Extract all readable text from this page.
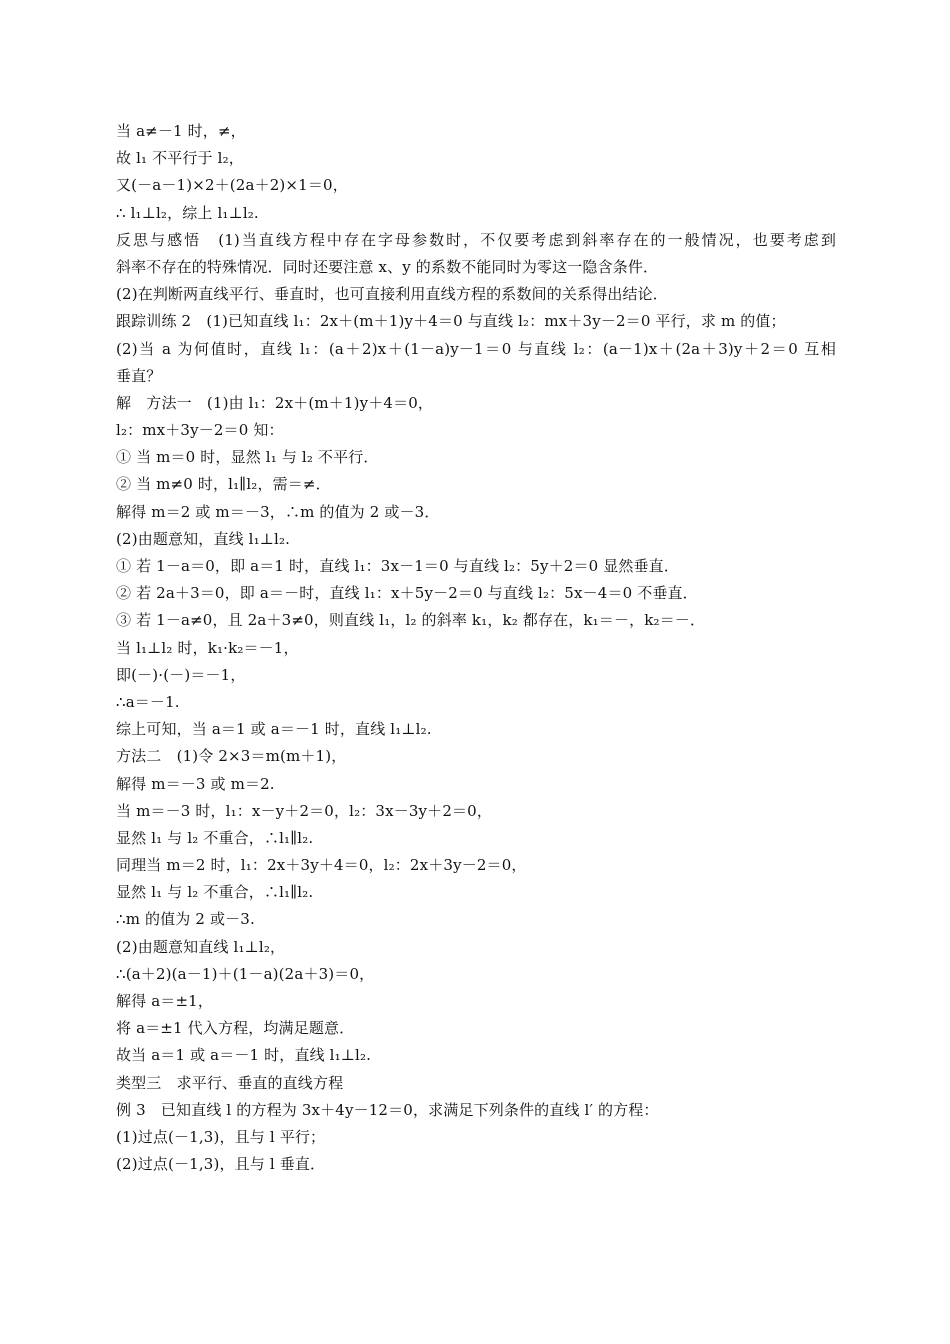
当 a≠－1 时，≠，
故 l₁ 不平行于 l₂，
又(－a－1)×2＋(2a＋2)×1＝0，
∴ l₁⊥l₂，综上 l₁⊥l₂.
反思与感悟　(1)当直线方程中存在字母参数时，不仅要考虑到斜率存在的一般情况，也要考虑到
斜率不存在的特殊情况．同时还要注意 x、y 的系数不能同时为零这一隐含条件．
(2)在判断两直线平行、垂直时，也可直接利用直线方程的系数间的关系得出结论．
跟踪训练 2　(1)已知直线 l₁：2x＋(m＋1)y＋4＝0 与直线 l₂：mx＋3y－2＝0 平行，求 m 的值；
(2)当 a 为何值时，直线 l₁：(a＋2)x＋(1－a)y－1＝0 与直线 l₂：(a－1)x＋(2a＋3)y＋2＝0 互相
垂直？
解　方法一　(1)由 l₁：2x＋(m＋1)y＋4＝0，
l₂：mx＋3y－2＝0 知：
① 当 m＝0 时，显然 l₁ 与 l₂ 不平行．
② 当 m≠0 时，l₁∥l₂，需＝≠．
解得 m＝2 或 m＝－3，∴m 的值为 2 或－3．
(2)由题意知，直线 l₁⊥l₂.
① 若 1－a＝0，即 a＝1 时，直线 l₁：3x－1＝0 与直线 l₂：5y＋2＝0 显然垂直．
② 若 2a＋3＝0，即 a＝－时，直线 l₁：x＋5y－2＝0 与直线 l₂：5x－4＝0 不垂直．
③ 若 1－a≠0，且 2a＋3≠0，则直线 l₁，l₂ 的斜率 k₁，k₂ 都存在，k₁＝－，k₂＝－．
当 l₁⊥l₂ 时，k₁·k₂＝－1，
即(－)·(－)＝－1，
∴a＝－1.
综上可知，当 a＝1 或 a＝－1 时，直线 l₁⊥l₂.
方法二　(1)令 2×3＝m(m＋1)，
解得 m＝－3 或 m＝2.
当 m＝－3 时，l₁：x－y＋2＝0，l₂：3x－3y＋2＝0，
显然 l₁ 与 l₂ 不重合，∴l₁∥l₂.
同理当 m＝2 时，l₁：2x＋3y＋4＝0，l₂：2x＋3y－2＝0，
显然 l₁ 与 l₂ 不重合，∴l₁∥l₂.
∴m 的值为 2 或－3.
(2)由题意知直线 l₁⊥l₂，
∴(a＋2)(a－1)＋(1－a)(2a＋3)＝0，
解得 a＝±1，
将 a＝±1 代入方程，均满足题意．
故当 a＝1 或 a＝－1 时，直线 l₁⊥l₂.
类型三　求平行、垂直的直线方程
例 3　已知直线 l 的方程为 3x＋4y－12＝0，求满足下列条件的直线 l′ 的方程：
(1)过点(－1,3)，且与 l 平行；
(2)过点(－1,3)，且与 l 垂直．
